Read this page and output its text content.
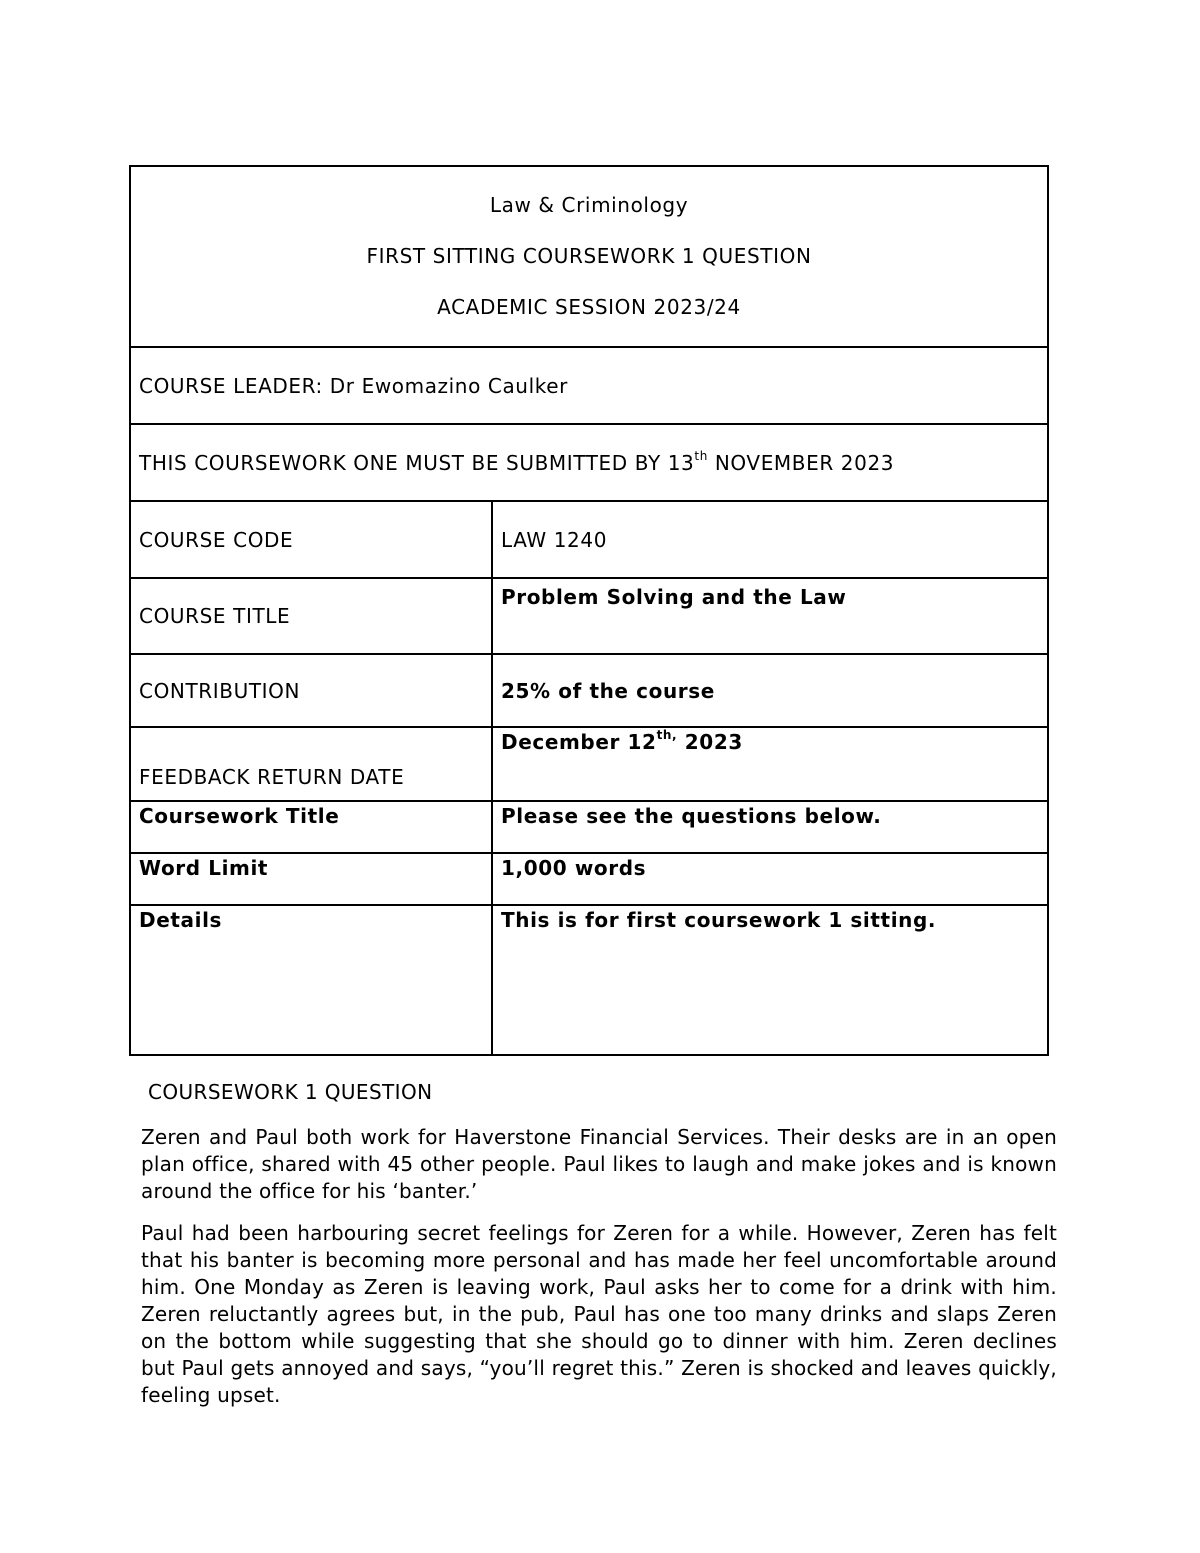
Law & Criminology

FIRST SITTING COURSEWORK 1 QUESTION

ACADEMIC SESSION 2023/24	

COURSE LEADER: Dr Ewomazino Caulker	
THIS COURSEWORK ONE MUST BE SUBMITTED BY 13th NOVEMBER 2023	
COURSE CODE	LAW 1240
COURSE TITLE	Problem Solving and the Law
CONTRIBUTION	25% of the course
FEEDBACK RETURN DATE	December $12^{th,}$ 2023
Coursework Title	Please see the questions below.
Word Limit	1,000 words
Details	This is for first coursework 1 sitting.

COURSEWORK 1 QUESTION

Zeren and Paul both work for Haverstone Financial Services. Their desks are in an open plan office, shared with 45 other people. Paul likes to laugh and make jokes and is known around the office for his ‘banter.’

Paul had been harbouring secret feelings for Zeren for a while. However, Zeren has felt that his banter is becoming more personal and has made her feel uncomfortable around him. One Monday as Zeren is leaving work, Paul asks her to come for a drink with him. Zeren reluctantly agrees but, in the pub, Paul has one too many drinks and slaps Zeren on the bottom while suggesting that she should go to dinner with him. Zeren declines but Paul gets annoyed and says, “you’ll regret this.” Zeren is shocked and leaves quickly, feeling upset.
